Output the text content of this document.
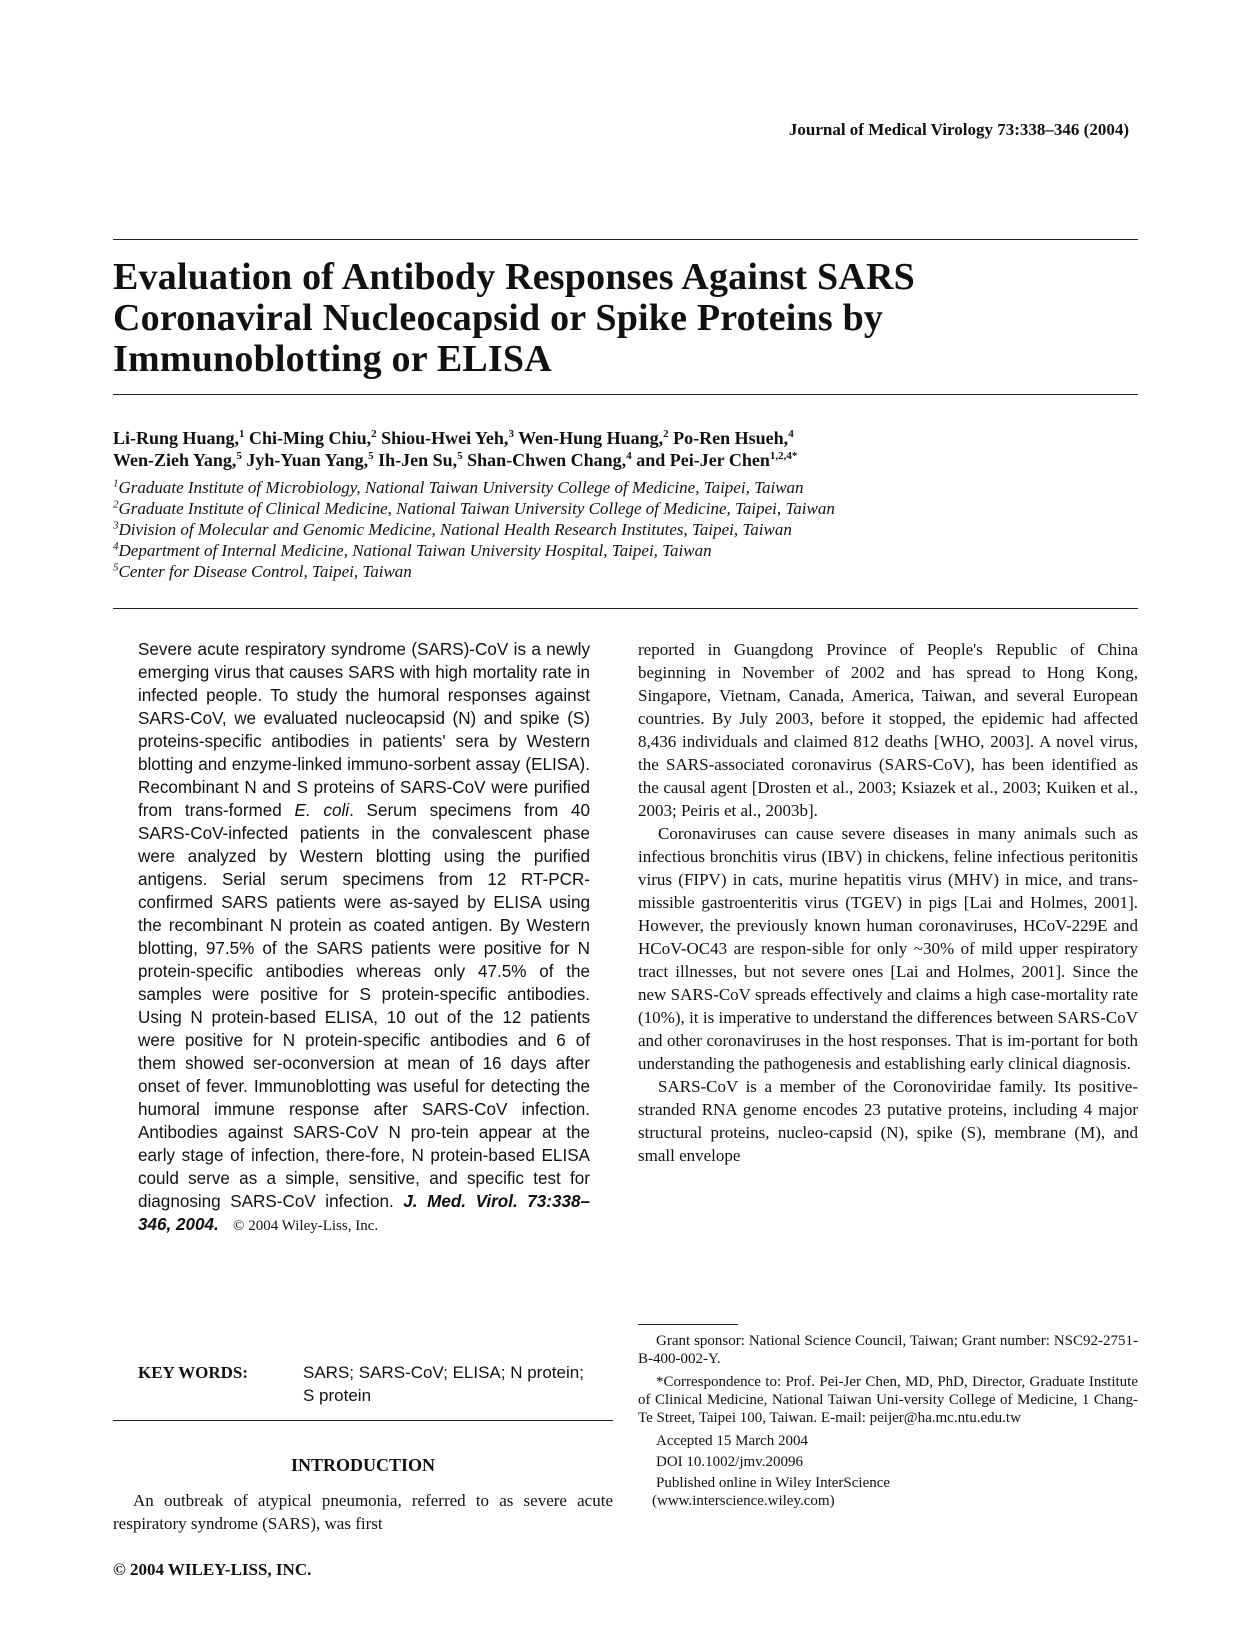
Journal of Medical Virology 73:338–346 (2004)
Evaluation of Antibody Responses Against SARS
Coronaviral Nucleocapsid or Spike Proteins by
Immunoblotting or ELISA
Li-Rung Huang,$^1$ Chi-Ming Chiu,$^2$ Shiou-Hwei Yeh,$^3$ Wen-Hung Huang,$^2$ Po-Ren Hsueh,$^4$
Wen-Zieh Yang,$^5$ Jyh-Yuan Yang,$^5$ Ih-Jen Su,$^5$ Shan-Chwen Chang,$^4$ and Pei-Jer Chen$^{1,2,4*}$
$^1$Graduate Institute of Microbiology, National Taiwan University College of Medicine, Taipei, Taiwan
$^2$Graduate Institute of Clinical Medicine, National Taiwan University College of Medicine, Taipei, Taiwan
$^3$Division of Molecular and Genomic Medicine, National Health Research Institutes, Taipei, Taiwan
$^4$Department of Internal Medicine, National Taiwan University Hospital, Taipei, Taiwan
$^5$Center for Disease Control, Taipei, Taiwan
Severe acute respiratory syndrome (SARS)-CoV is a newly emerging virus that causes SARS with high mortality rate in infected people. To study the humoral responses against SARS-CoV, we evaluated nucleocapsid (N) and spike (S) proteins-specific antibodies in patients' sera by Western blotting and enzyme-linked immuno-sorbent assay (ELISA). Recombinant N and S proteins of SARS-CoV were purified from trans-formed E. coli. Serum specimens from 40 SARS-CoV-infected patients in the convalescent phase were analyzed by Western blotting using the purified antigens. Serial serum specimens from 12 RT-PCR-confirmed SARS patients were as-sayed by ELISA using the recombinant N protein as coated antigen. By Western blotting, 97.5% of the SARS patients were positive for N protein-specific antibodies whereas only 47.5% of the samples were positive for S protein-specific antibodies. Using N protein-based ELISA, 10 out of the 12 patients were positive for N protein-specific antibodies and 6 of them showed ser-oconversion at mean of 16 days after onset of fever. Immunoblotting was useful for detecting the humoral immune response after SARS-CoV infection. Antibodies against SARS-CoV N pro-tein appear at the early stage of infection, there-fore, N protein-based ELISA could serve as a simple, sensitive, and specific test for diagnosing SARS-CoV infection. J. Med. Virol. 73:338–346, 2004. © 2004 Wiley-Liss, Inc.
KEY WORDS:	SARS; SARS-CoV; ELISA; N protein; S protein
INTRODUCTION
An outbreak of atypical pneumonia, referred to as severe acute respiratory syndrome (SARS), was first
© 2004 WILEY-LISS, INC.

reported in Guangdong Province of People's Republic of China beginning in November of 2002 and has spread to Hong Kong, Singapore, Vietnam, Canada, America, Taiwan, and several European countries. By July 2003, before it stopped, the epidemic had affected 8,436 individuals and claimed 812 deaths [WHO, 2003]. A novel virus, the SARS-associated coronavirus (SARS-CoV), has been identified as the causal agent [Drosten et al., 2003; Ksiazek et al., 2003; Kuiken et al., 2003; Peiris et al., 2003b].

Coronaviruses can cause severe diseases in many animals such as infectious bronchitis virus (IBV) in chickens, feline infectious peritonitis virus (FIPV) in cats, murine hepatitis virus (MHV) in mice, and trans-missible gastroenteritis virus (TGEV) in pigs [Lai and Holmes, 2001]. However, the previously known human coronaviruses, HCoV-229E and HCoV-OC43 are respon-sible for only ~30% of mild upper respiratory tract illnesses, but not severe ones [Lai and Holmes, 2001]. Since the new SARS-CoV spreads effectively and claims a high case-mortality rate (10%), it is imperative to understand the differences between SARS-CoV and other coronaviruses in the host responses. That is im-portant for both understanding the pathogenesis and establishing early clinical diagnosis.

SARS-CoV is a member of the Coronoviridae family. Its positive-stranded RNA genome encodes 23 putative proteins, including 4 major structural proteins, nucleo-capsid (N), spike (S), membrane (M), and small envelope

Grant sponsor: National Science Council, Taiwan; Grant number: NSC92-2751-B-400-002-Y.

*Correspondence to: Prof. Pei-Jer Chen, MD, PhD, Director, Graduate Institute of Clinical Medicine, National Taiwan Uni-versity College of Medicine, 1 Chang-Te Street, Taipei 100, Taiwan. E-mail: peijer@ha.mc.ntu.edu.tw

Accepted 15 March 2004

DOI 10.1002/jmv.20096

Published online in Wiley InterScience

(www.interscience.wiley.com)
